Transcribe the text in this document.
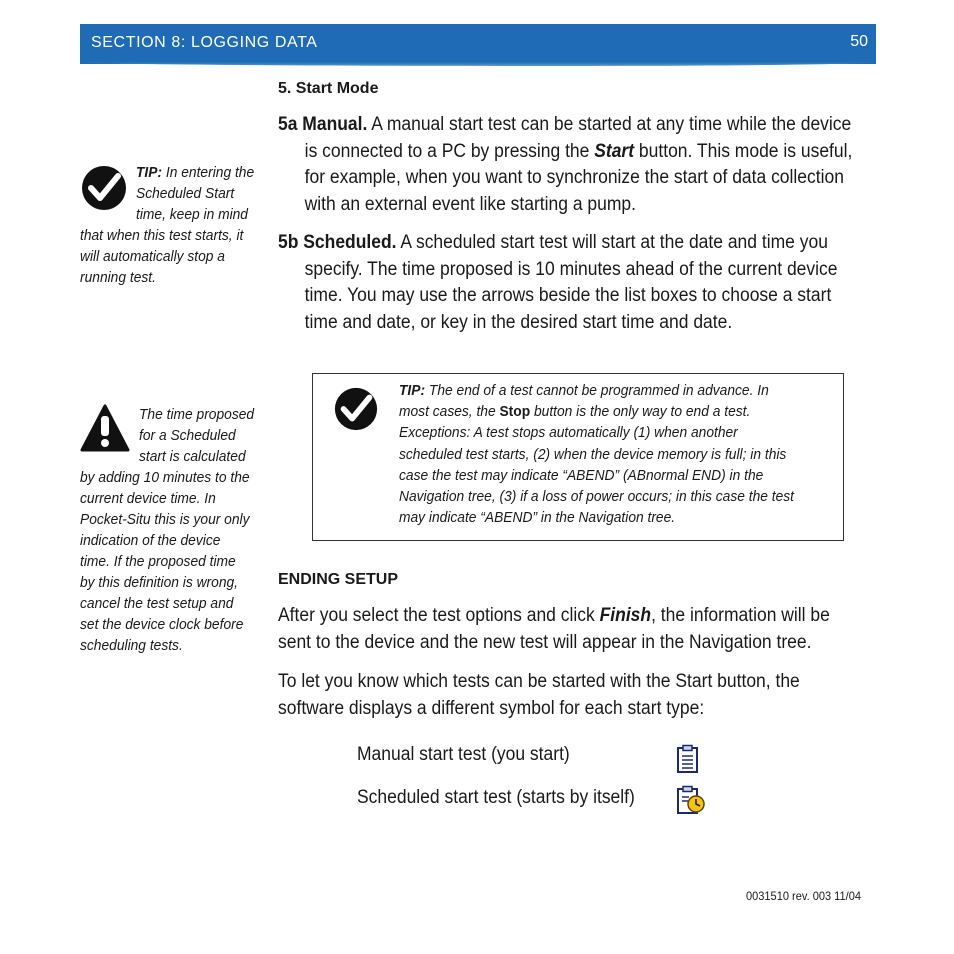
SECTION 8: LOGGING DATA	50
5. Start Mode
5a Manual. A manual start test can be started at any time while the device
is connected to a PC by pressing the Start button. This mode is useful,
for example, when you want to synchronize the start of data collection
with an external event like starting a pump.
5b Scheduled. A scheduled start test will start at the date and time you
specify. The time proposed is 10 minutes ahead of the current device
time. You may use the arrows beside the list boxes to choose a start
time and date, or key in the desired start time and date.
TIP: In entering the
Scheduled Start
time, keep in mind
that when this test starts, it
will automatically stop a
running test.
The time proposed
for a Scheduled
start is calculated
by adding 10 minutes to the
current device time. In
Pocket-Situ this is your only
indication of the device
time. If the proposed time
by this definition is wrong,
cancel the test setup and
set the device clock before
scheduling tests.
TIP: The end of a test cannot be programmed in advance. In
most cases, the Stop button is the only way to end a test.
Exceptions: A test stops automatically (1) when another
scheduled test starts, (2) when the device memory is full; in this
case the test may indicate “ABEND” (ABnormal END) in the
Navigation tree, (3) if a loss of power occurs; in this case the test
may indicate “ABEND” in the Navigation tree.
ENDING SETUP
After you select the test options and click Finish, the information will be
sent to the device and the new test will appear in the Navigation tree.
To let you know which tests can be started with the Start button, the
software displays a different symbol for each start type:
Manual start test (you start)
Scheduled start test (starts by itself)
0031510 rev. 003 11/04
